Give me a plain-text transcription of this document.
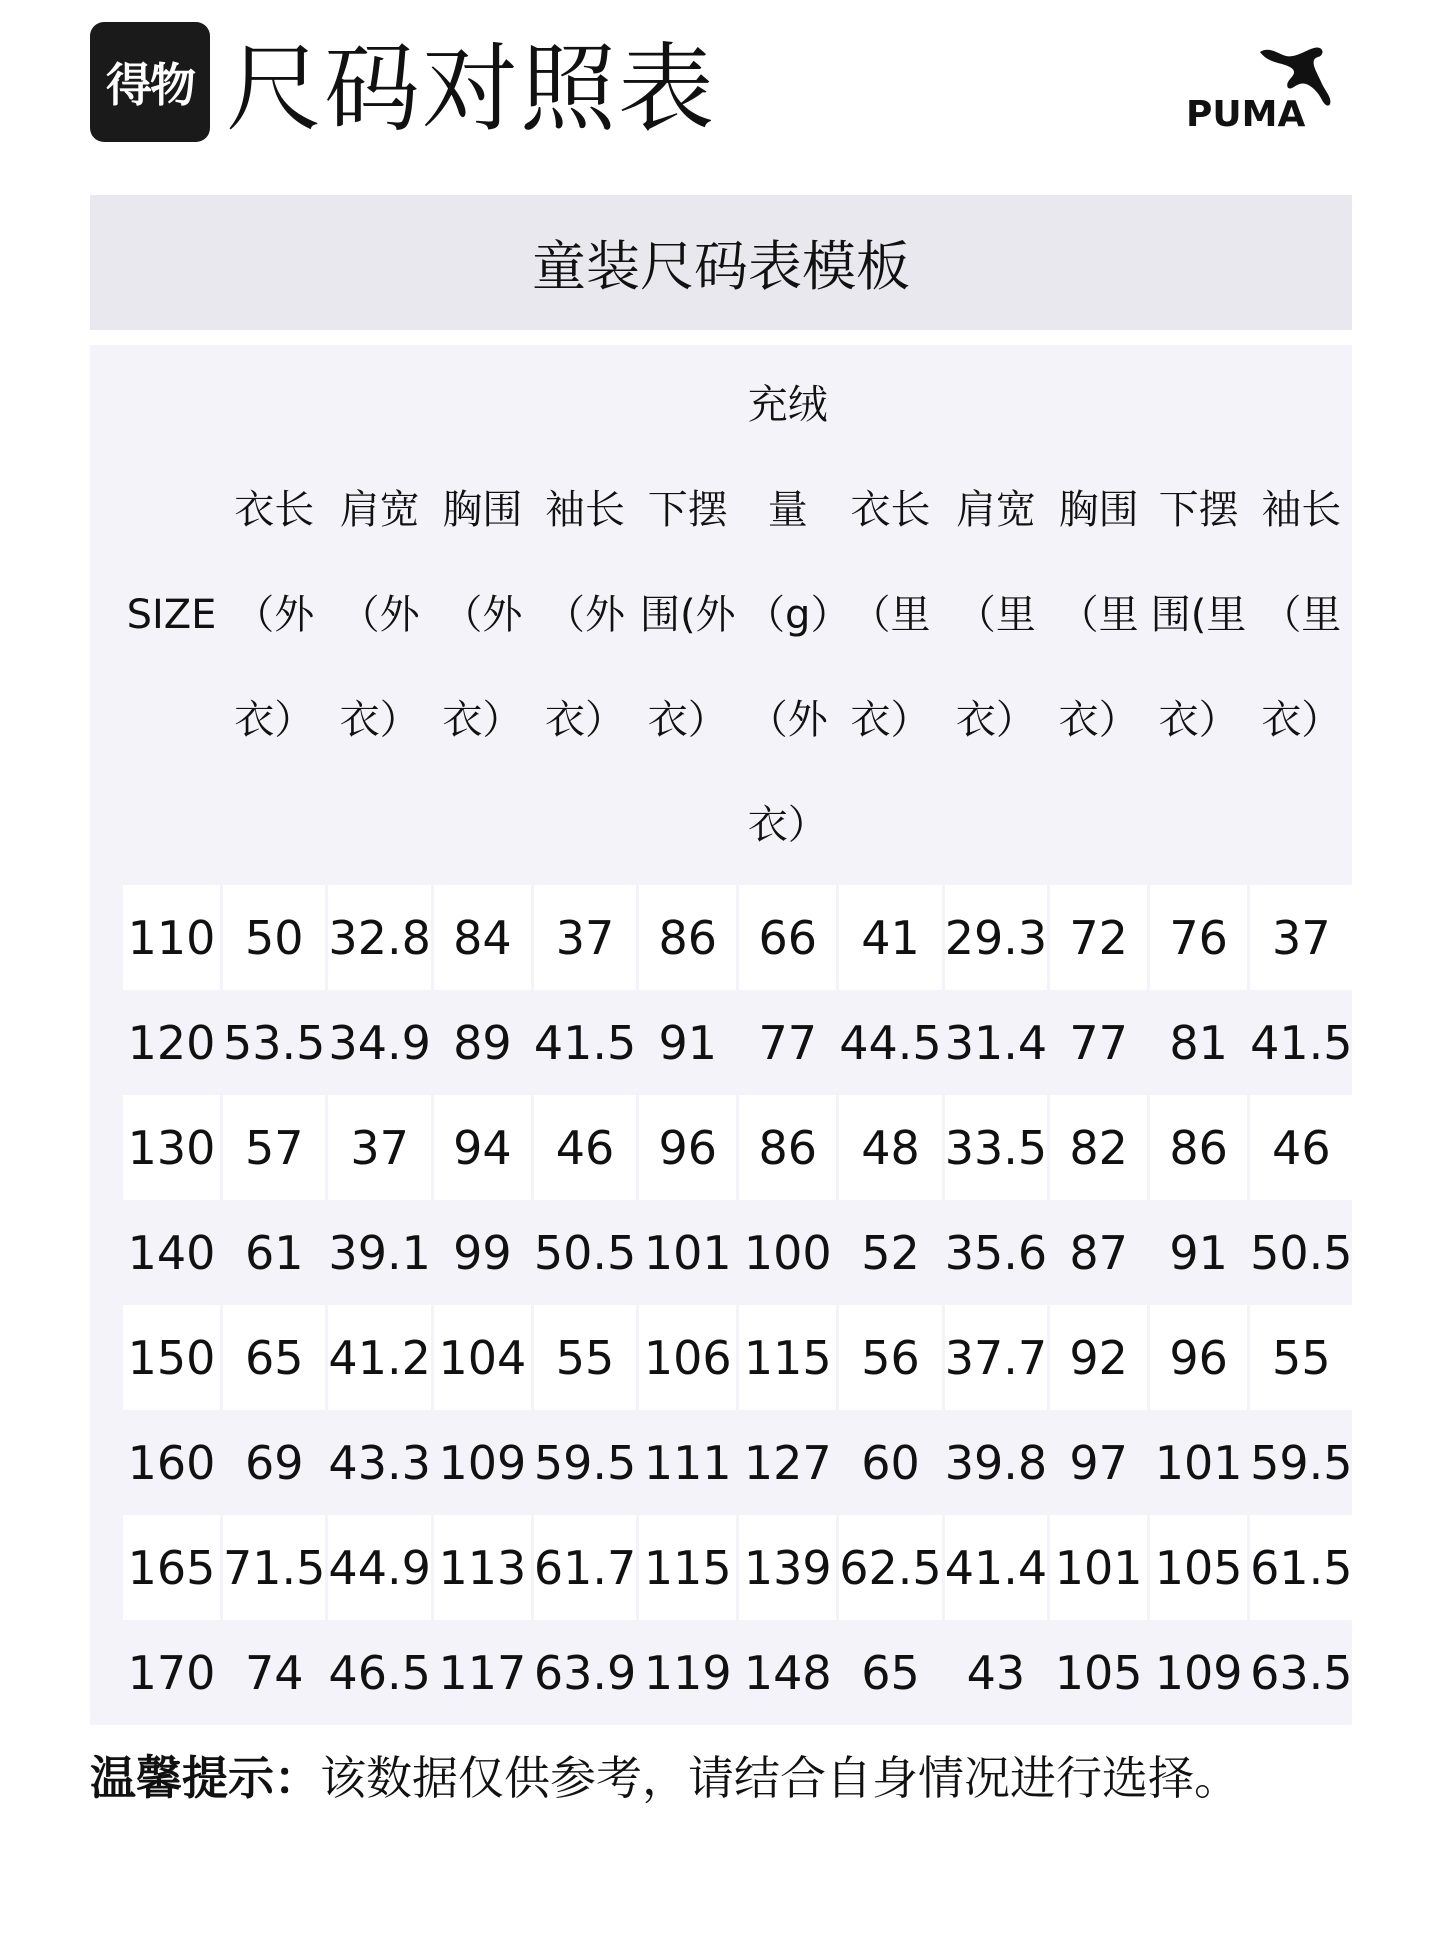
得物 尺码对照表	PUMA
童装尺码表模板
SIZE	衣长（外衣）	肩宽（外衣）	胸围（外衣）	袖长（外衣）	下摆围(外衣）	充绒量（g）（外衣）	衣长（里衣）	肩宽（里衣）	胸围（里衣）	下摆围(里衣）	袖长（里衣）
110	50	32.8	84	37	86	66	41	29.3	72	76	37
120	53.5	34.9	89	41.5	91	77	44.5	31.4	77	81	41.5
130	57	37	94	46	96	86	48	33.5	82	86	46
140	61	39.1	99	50.5	101	100	52	35.6	87	91	50.5
150	65	41.2	104	55	106	115	56	37.7	92	96	55
160	69	43.3	109	59.5	111	127	60	39.8	97	101	59.5
165	71.5	44.9	113	61.7	115	139	62.5	41.4	101	105	61.5
170	74	46.5	117	63.9	119	148	65	43	105	109	63.5
温馨提示：该数据仅供参考，请结合自身情况进行选择。
